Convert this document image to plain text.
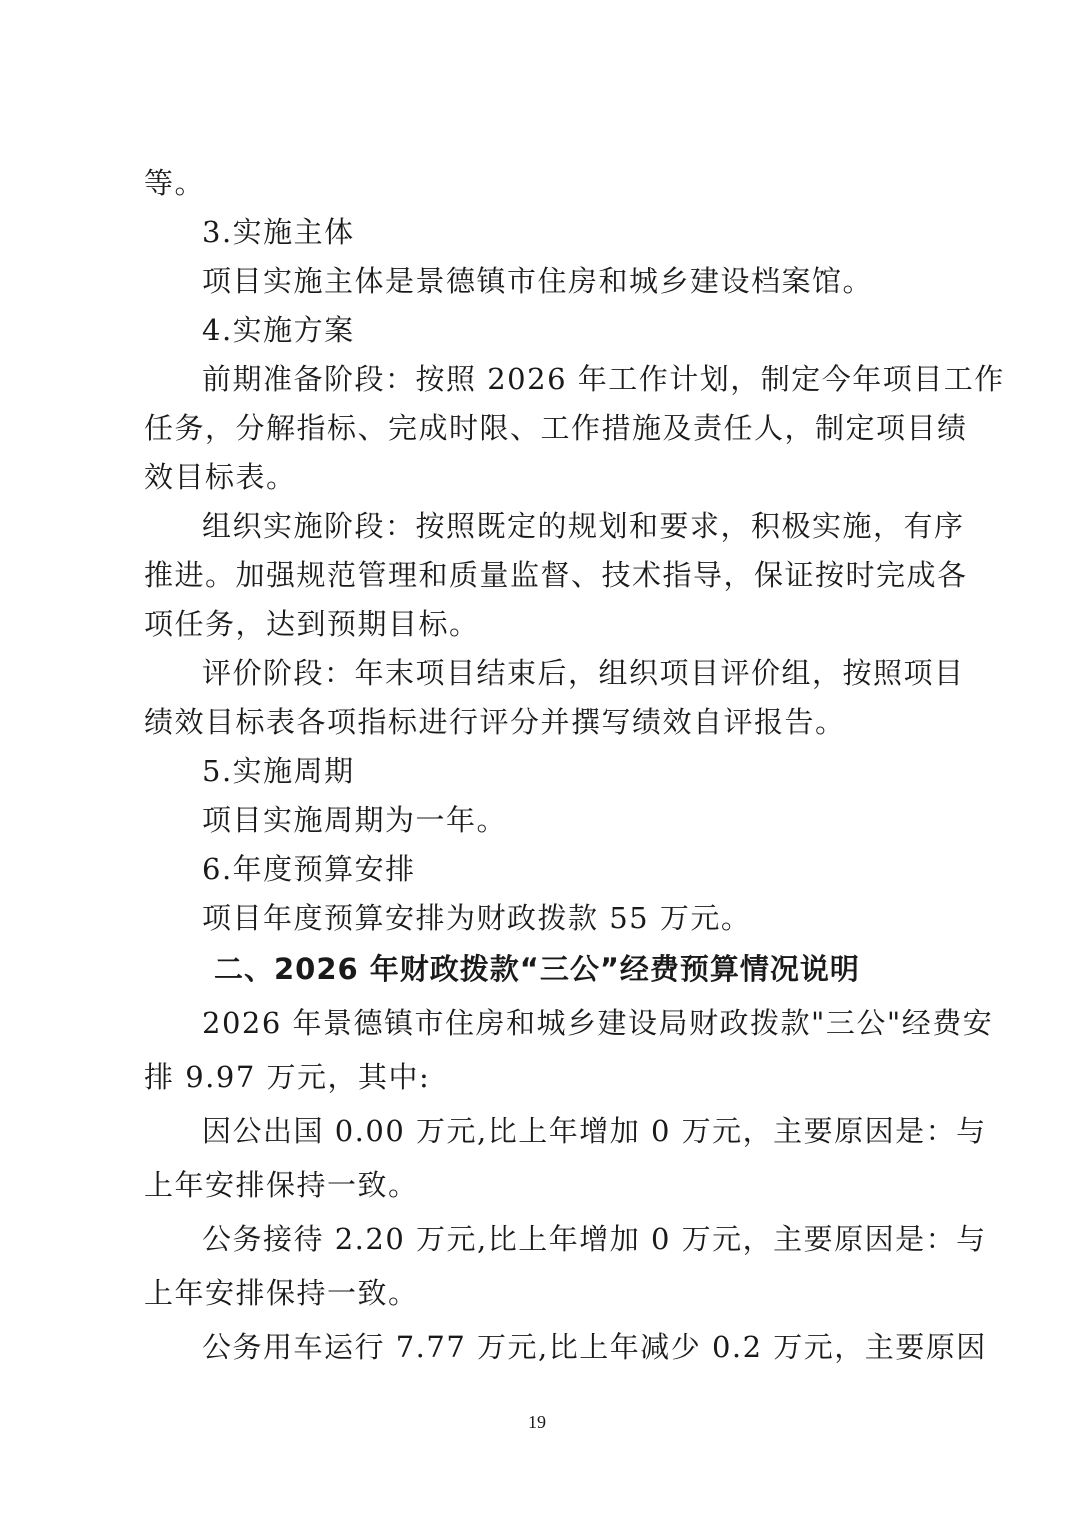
等。
3.实施主体
项目实施主体是景德镇市住房和城乡建设档案馆。
4.实施方案
前期准备阶段：按照 2026 年工作计划，制定今年项目工作
任务，分解指标、完成时限、工作措施及责任人，制定项目绩
效目标表。
组织实施阶段：按照既定的规划和要求，积极实施，有序
推进。加强规范管理和质量监督、技术指导，保证按时完成各
项任务，达到预期目标。
评价阶段：年末项目结束后，组织项目评价组，按照项目
绩效目标表各项指标进行评分并撰写绩效自评报告。
5.实施周期
项目实施周期为一年。
6.年度预算安排
项目年度预算安排为财政拨款 55 万元。
二、2026 年财政拨款“三公”经费预算情况说明
2026 年景德镇市住房和城乡建设局财政拨款"三公"经费安
排 9.97 万元，其中:
因公出国 0.00 万元,比上年增加 0 万元，主要原因是：与
上年安排保持一致。
公务接待 2.20 万元,比上年增加 0 万元，主要原因是：与
上年安排保持一致。
公务用车运行 7.77 万元,比上年减少 0.2 万元，主要原因
19
